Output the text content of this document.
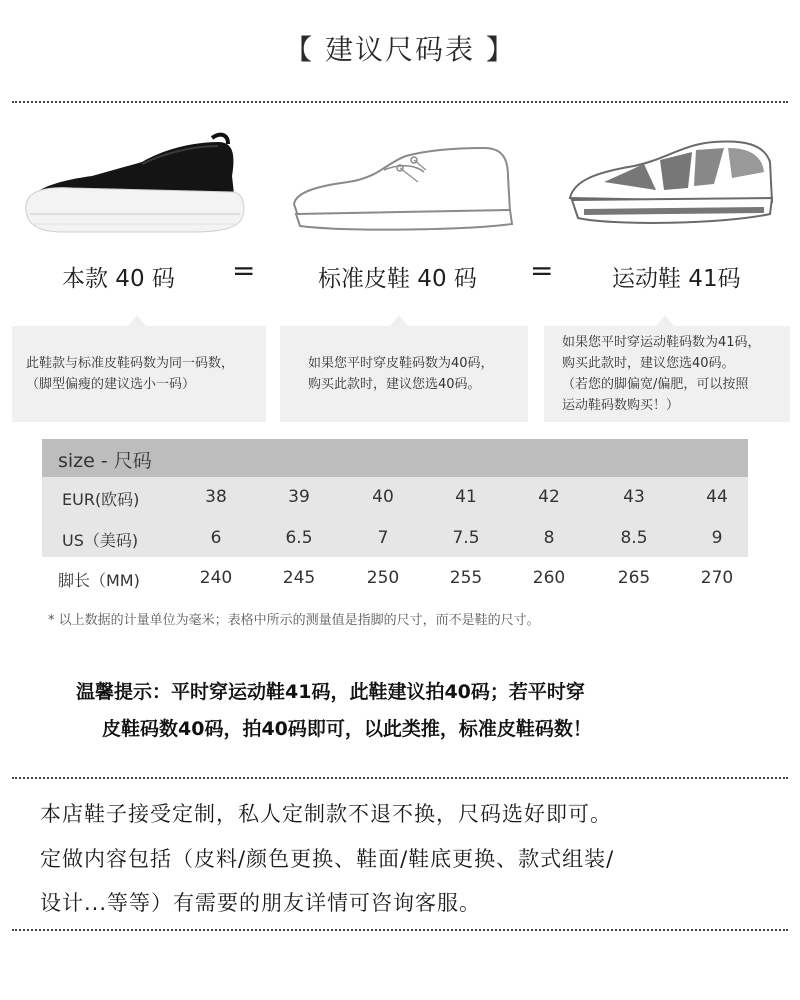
【 建议尺码表 】
本款 40 码 =	标准皮鞋 40 码 =	运动鞋 41码
此鞋款与标准皮鞋码数为同一码数，
（脚型偏瘦的建议选小一码）
如果您平时穿皮鞋码数为40码，
购买此款时，建议您选40码。
如果您平时穿运动鞋码数为41码，
购买此款时，建议您选40码。
（若您的脚偏宽/偏肥，可以按照
运动鞋码数购买！）
size - 尺码
EUR(欧码)	38	39	40	41	42	43	44
US（美码)	6	6.5	7	7.5	8	8.5	9
脚长（MM)	240	245	250	255	260	265	270
* 以上数据的计量单位为毫米；表格中所示的测量值是指脚的尺寸，而不是鞋的尺寸。
温馨提示：平时穿运动鞋41码，此鞋建议拍40码；若平时穿
皮鞋码数40码，拍40码即可，以此类推，标准皮鞋码数！
本店鞋子接受定制，私人定制款不退不换，尺码选好即可。
定做内容包括（皮料/颜色更换、鞋面/鞋底更换、款式组装/
设计...等等）有需要的朋友详情可咨询客服。
